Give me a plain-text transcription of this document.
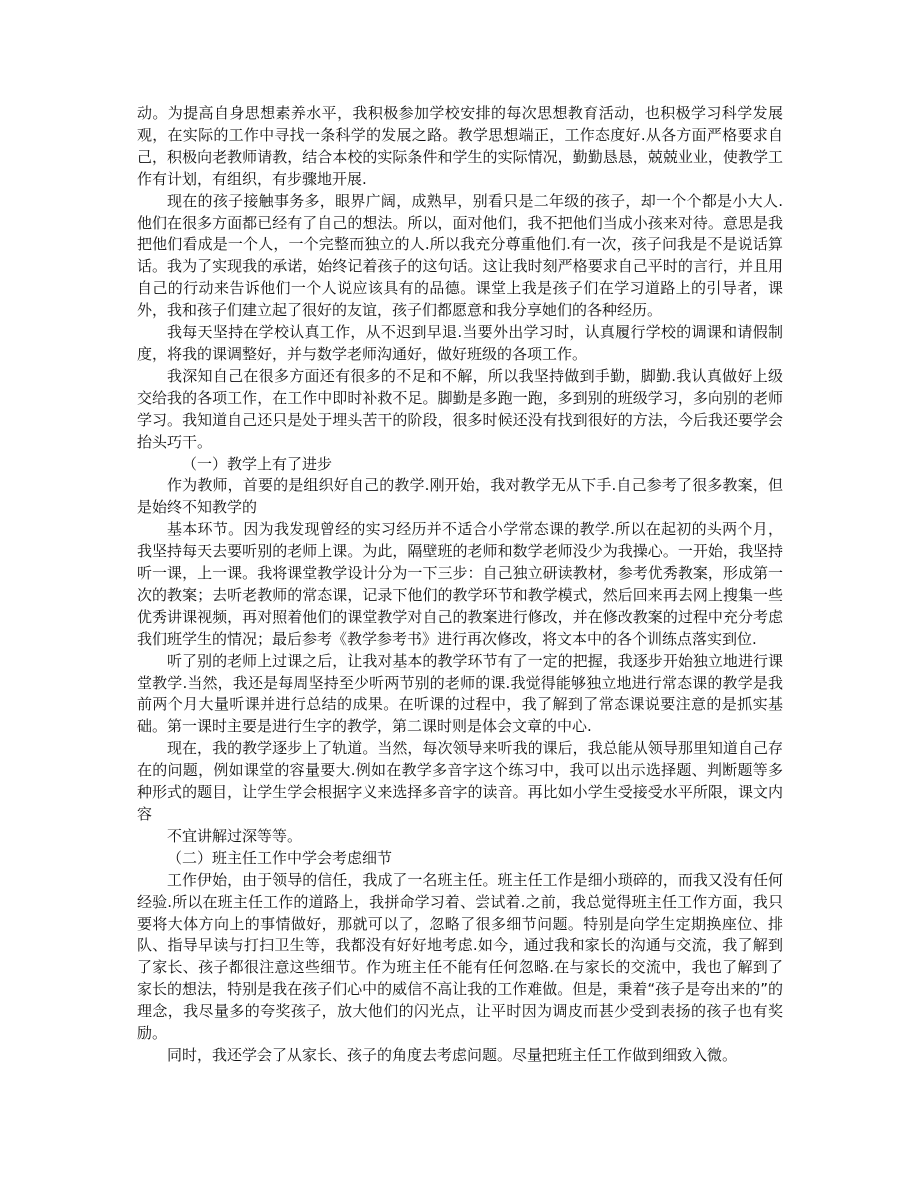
动。为提高自身思想素养水平，我积极参加学校安排的每次思想教育活动，也积极学习科学发展观，在实际的工作中寻找一条科学的发展之路。教学思想端正，工作态度好.从各方面严格要求自己，积极向老教师请教，结合本校的实际条件和学生的实际情况，勤勤恳恳，兢兢业业，使教学工作有计划，有组织，有步骤地开展.

现在的孩子接触事务多，眼界广阔，成熟早，别看只是二年级的孩子，却一个个都是小大人.他们在很多方面都已经有了自己的想法。所以，面对他们，我不把他们当成小孩来对待。意思是我把他们看成是一个人，一个完整而独立的人.所以我充分尊重他们.有一次，孩子问我是不是说话算话。我为了实现我的承诺，始终记着孩子的这句话。这让我时刻严格要求自己平时的言行，并且用自己的行动来告诉他们一个人说应该具有的品德。课堂上我是孩子们在学习道路上的引导者，课外，我和孩子们建立起了很好的友谊，孩子们都愿意和我分享她们的各种经历。

我每天坚持在学校认真工作，从不迟到早退.当要外出学习时，认真履行学校的调课和请假制度，将我的课调整好，并与数学老师沟通好，做好班级的各项工作。

我深知自己在很多方面还有很多的不足和不解，所以我坚持做到手勤，脚勤.我认真做好上级交给我的各项工作，在工作中即时补救不足。脚勤是多跑一跑，多到别的班级学习，多向别的老师学习。我知道自己还只是处于埋头苦干的阶段，很多时候还没有找到很好的方法，今后我还要学会抬头巧干。

（一）教学上有了进步

作为教师，首要的是组织好自己的教学.刚开始，我对教学无从下手.自己参考了很多教案，但是始终不知教学的

基本环节。因为我发现曾经的实习经历并不适合小学常态课的教学.所以在起初的头两个月，我坚持每天去要听别的老师上课。为此，隔壁班的老师和数学老师没少为我操心。一开始，我坚持听一课，上一课。我将课堂教学设计分为一下三步：自己独立研读教材，参考优秀教案，形成第一次的教案；去听老教师的常态课，记录下他们的教学环节和教学模式，然后回来再去网上搜集一些优秀讲课视频，再对照着他们的课堂教学对自己的教案进行修改，并在修改教案的过程中充分考虑我们班学生的情况；最后参考《教学参考书》进行再次修改，将文本中的各个训练点落实到位.

听了别的老师上过课之后，让我对基本的教学环节有了一定的把握，我逐步开始独立地进行课堂教学.当然，我还是每周坚持至少听两节别的老师的课.我觉得能够独立地进行常态课的教学是我前两个月大量听课并进行总结的成果。在听课的过程中，我了解到了常态课说要注意的是抓实基础。第一课时主要是进行生字的教学，第二课时则是体会文章的中心.

现在，我的教学逐步上了轨道。当然，每次领导来听我的课后，我总能从领导那里知道自己存在的问题，例如课堂的容量要大.例如在教学多音字这个练习中，我可以出示选择题、判断题等多种形式的题目，让学生学会根据字义来选择多音字的读音。再比如小学生受接受水平所限，课文内容

不宜讲解过深等等。

（二）班主任工作中学会考虑细节

工作伊始，由于领导的信任，我成了一名班主任。班主任工作是细小琐碎的，而我又没有任何经验.所以在班主任工作的道路上，我拼命学习着、尝试着.之前，我总觉得班主任工作方面，我只要将大体方向上的事情做好，那就可以了，忽略了很多细节问题。特别是向学生定期换座位、排队、指导早读与打扫卫生等，我都没有好好地考虑.如今，通过我和家长的沟通与交流，我了解到了家长、孩子都很注意这些细节。作为班主任不能有任何忽略.在与家长的交流中，我也了解到了家长的想法，特别是我在孩子们心中的威信不高让我的工作难做。但是，秉着“孩子是夸出来的”的理念，我尽量多的夸奖孩子，放大他们的闪光点，让平时因为调皮而甚少受到表扬的孩子也有奖励。

同时，我还学会了从家长、孩子的角度去考虑问题。尽量把班主任工作做到细致入微。
